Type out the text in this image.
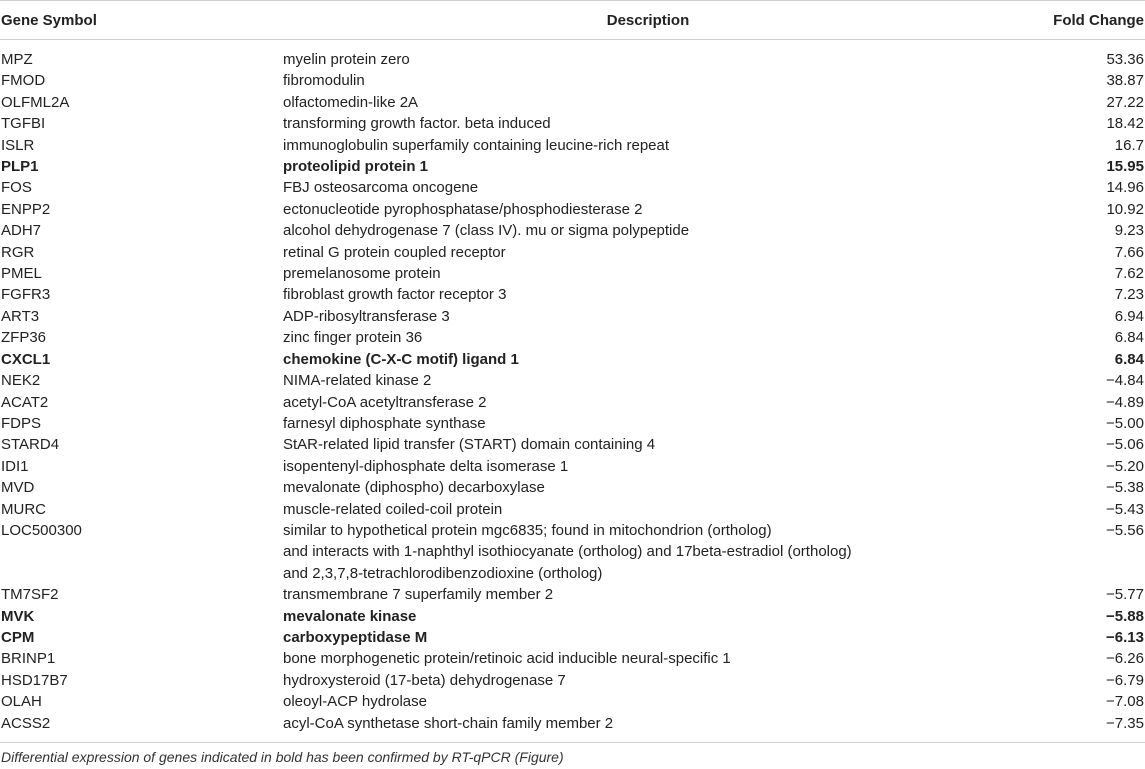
Gene Symbol	Description	Fold Change
MPZ	myelin protein zero	53.36
FMOD	fibromodulin	38.87
OLFML2A	olfactomedin-like 2A	27.22
TGFBI	transforming growth factor. beta induced	18.42
ISLR	immunoglobulin superfamily containing leucine-rich repeat	16.7
PLP1	proteolipid protein 1	15.95
FOS	FBJ osteosarcoma oncogene	14.96
ENPP2	ectonucleotide pyrophosphatase/phosphodiesterase 2	10.92
ADH7	alcohol dehydrogenase 7 (class IV). mu or sigma polypeptide	9.23
RGR	retinal G protein coupled receptor	7.66
PMEL	premelanosome protein	7.62
FGFR3	fibroblast growth factor receptor 3	7.23
ART3	ADP-ribosyltransferase 3	6.94
ZFP36	zinc finger protein 36	6.84
CXCL1	chemokine (C-X-C motif) ligand 1	6.84
NEK2	NIMA-related kinase 2	−4.84
ACAT2	acetyl-CoA acetyltransferase 2	−4.89
FDPS	farnesyl diphosphate synthase	−5.00
STARD4	StAR-related lipid transfer (START) domain containing 4	−5.06
IDI1	isopentenyl-diphosphate delta isomerase 1	−5.20
MVD	mevalonate (diphospho) decarboxylase	−5.38
MURC	muscle-related coiled-coil protein	−5.43
LOC500300	similar to hypothetical protein mgc6835; found in mitochondrion (ortholog)
and interacts with 1-naphthyl isothiocyanate (ortholog) and 17beta-estradiol (ortholog)
and 2,3,7,8-tetrachlorodibenzodioxine (ortholog)	−5.56
TM7SF2	transmembrane 7 superfamily member 2	−5.77
MVK	mevalonate kinase	−5.88
CPM	carboxypeptidase M	−6.13
BRINP1	bone morphogenetic protein/retinoic acid inducible neural-specific 1	−6.26
HSD17B7	hydroxysteroid (17-beta) dehydrogenase 7	−6.79
OLAH	oleoyl-ACP hydrolase	−7.08
ACSS2	acyl-CoA synthetase short-chain family member 2	−7.35
Differential expression of genes indicated in bold has been confirmed by RT-qPCR (Figure)		
